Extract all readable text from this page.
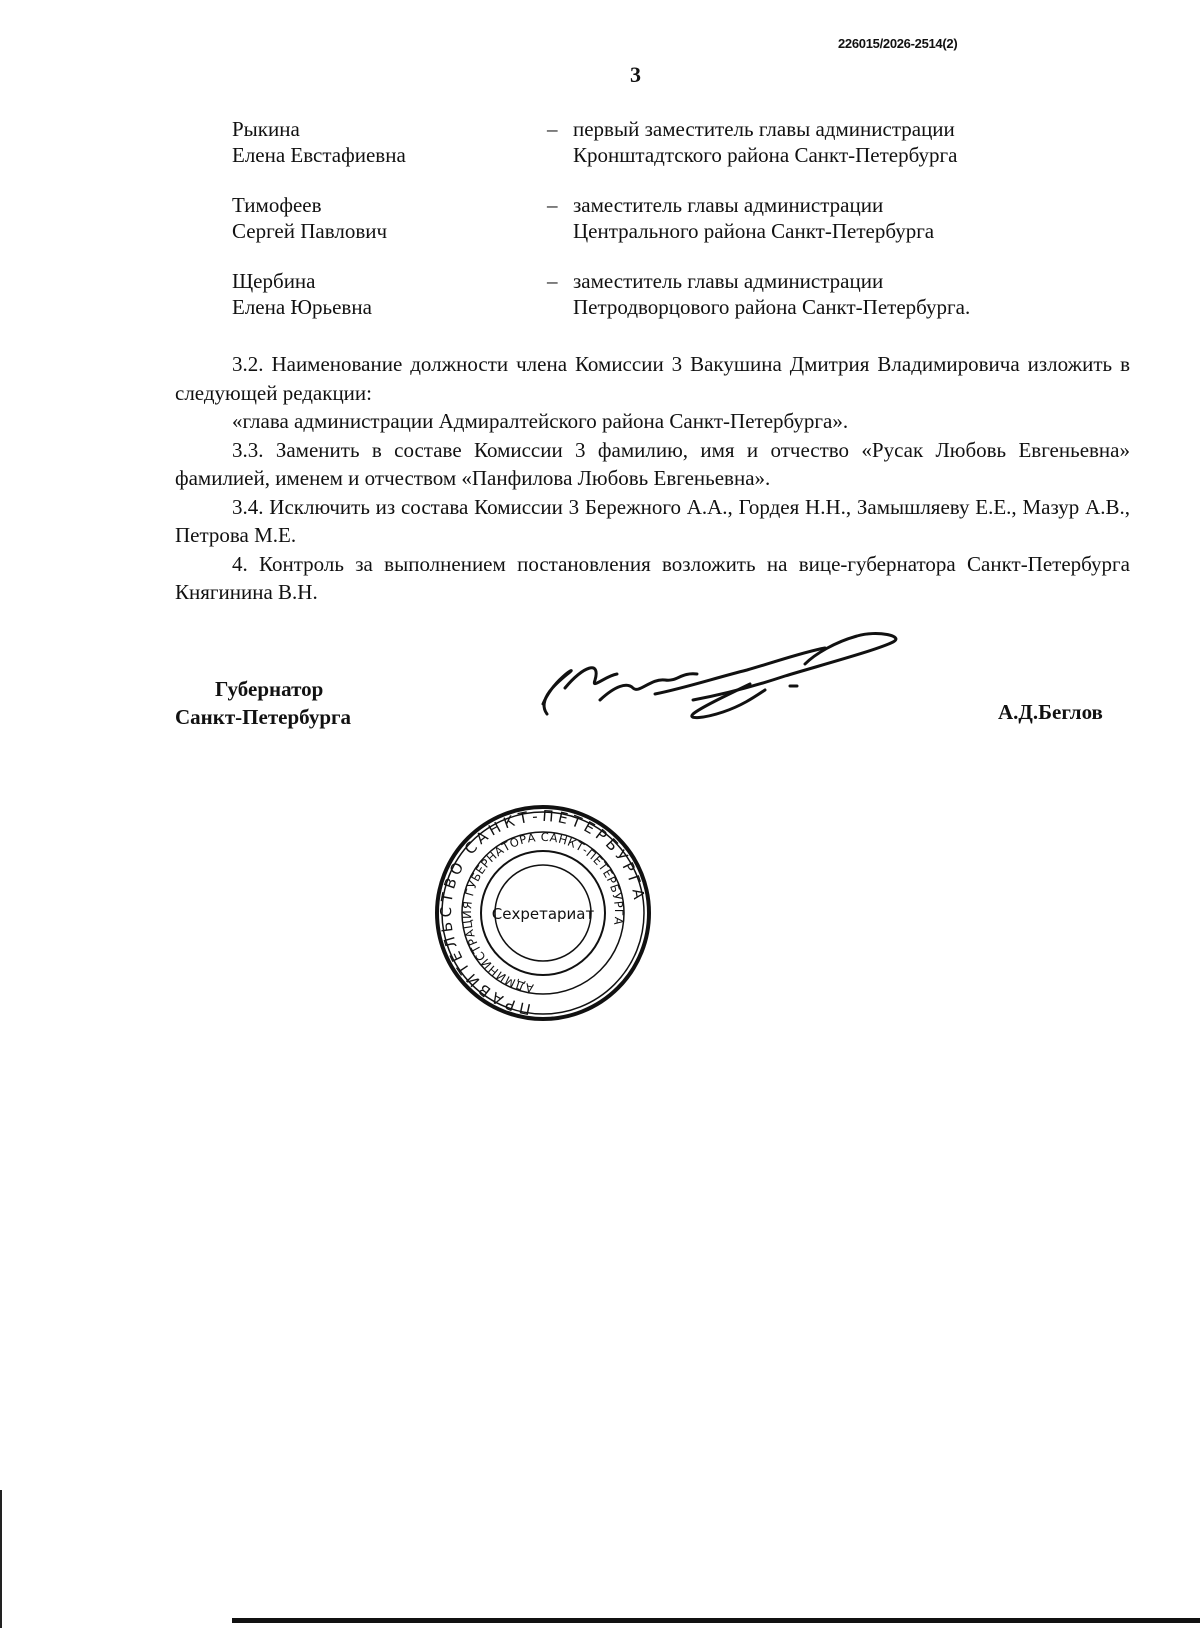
226015/2026-2514(2)
3
Рыкина
Елена Евстафиевна
– первый заместитель главы администрации
Кронштадтского района Санкт-Петербурга
Тимофеев
Сергей Павлович
– заместитель главы администрации
Центрального района Санкт-Петербурга
Щербина
Елена Юрьевна
– заместитель главы администрации
Петродворцового района Санкт-Петербурга.

3.2. Наименование должности члена Комиссии 3 Вакушина Дмитрия Владимировича изложить в следующей редакции:

«глава администрации Адмиралтейского района Санкт-Петербурга».

3.3. Заменить в составе Комиссии 3 фамилию, имя и отчество «Русак Любовь Евгеньевна» фамилией, именем и отчеством «Панфилова Любовь Евгеньевна».

3.4. Исключить из состава Комиссии 3 Бережного А.А., Гордея Н.Н., Замышляеву Е.Е., Мазур А.В., Петрова М.Е.

4. Контроль за выполнением постановления возложить на вице-губернатора Санкт-Петербурга Княгинина В.Н.

Губернатор
Санкт-Петербурга	А.Д.Беглов
ПРАВИТЕЛЬСТВО САНКТ-ПЕТЕРБУРГА
АДМИНИСТРАЦИЯ ГУБЕРНАТОРА САНКТ-ПЕТЕРБУРГА
Сехретариат
